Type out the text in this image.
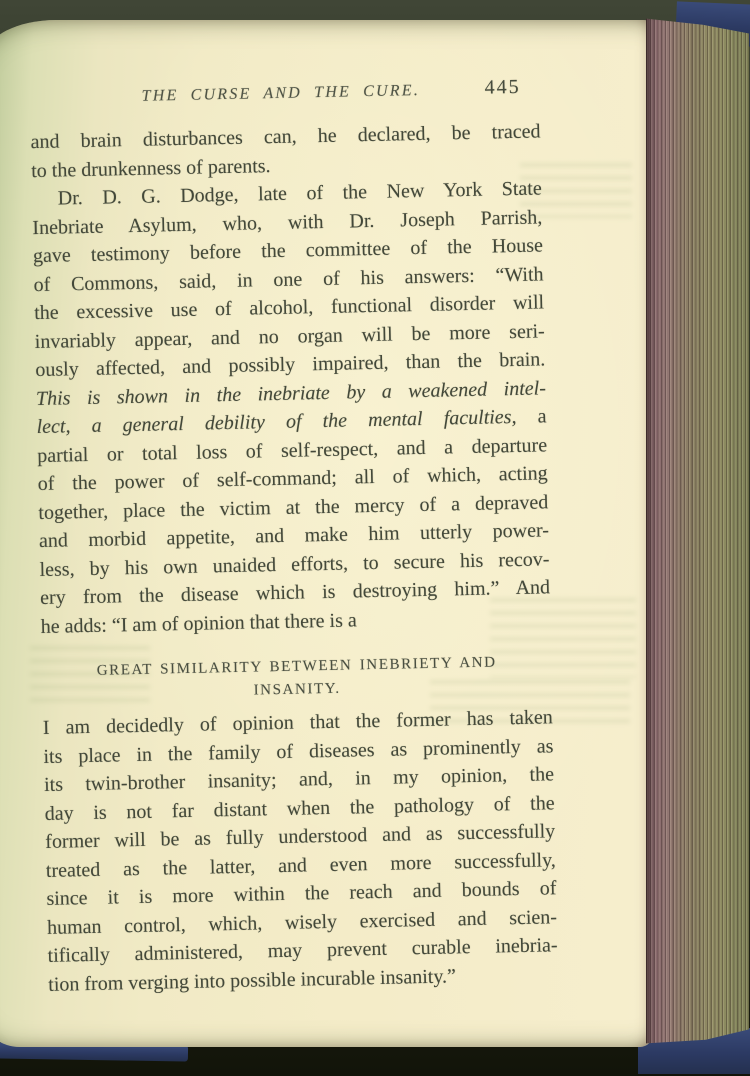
THE CURSE AND THE CURE.	445
and brain disturbances can, he declared, be traced
to the drunkenness of parents.
Dr. D. G. Dodge, late of the New York State
Inebriate Asylum, who, with Dr. Joseph Parrish,
gave testimony before the committee of the House
of Commons, said, in one of his answers: “With
the excessive use of alcohol, functional disorder will
invariably appear, and no organ will be more seri-
ously affected, and possibly impaired, than the brain.
This is shown in the inebriate by a weakened intel-
lect, a general debility of the mental faculties, a
partial or total loss of self-respect, and a departure
of the power of self-command; all of which, acting
together, place the victim at the mercy of a depraved
and morbid appetite, and make him utterly power-
less, by his own unaided efforts, to secure his recov-
ery from the disease which is destroying him.” And
he adds: “I am of opinion that there is a
GREAT SIMILARITY BETWEEN INEBRIETY AND
INSANITY.
I am decidedly of opinion that the former has taken
its place in the family of diseases as prominently as
its twin-brother insanity; and, in my opinion, the
day is not far distant when the pathology of the
former will be as fully understood and as successfully
treated as the latter, and even more successfully,
since it is more within the reach and bounds of
human control, which, wisely exercised and scien-
tifically administered, may prevent curable inebria-
tion from verging into possible incurable insanity.”
